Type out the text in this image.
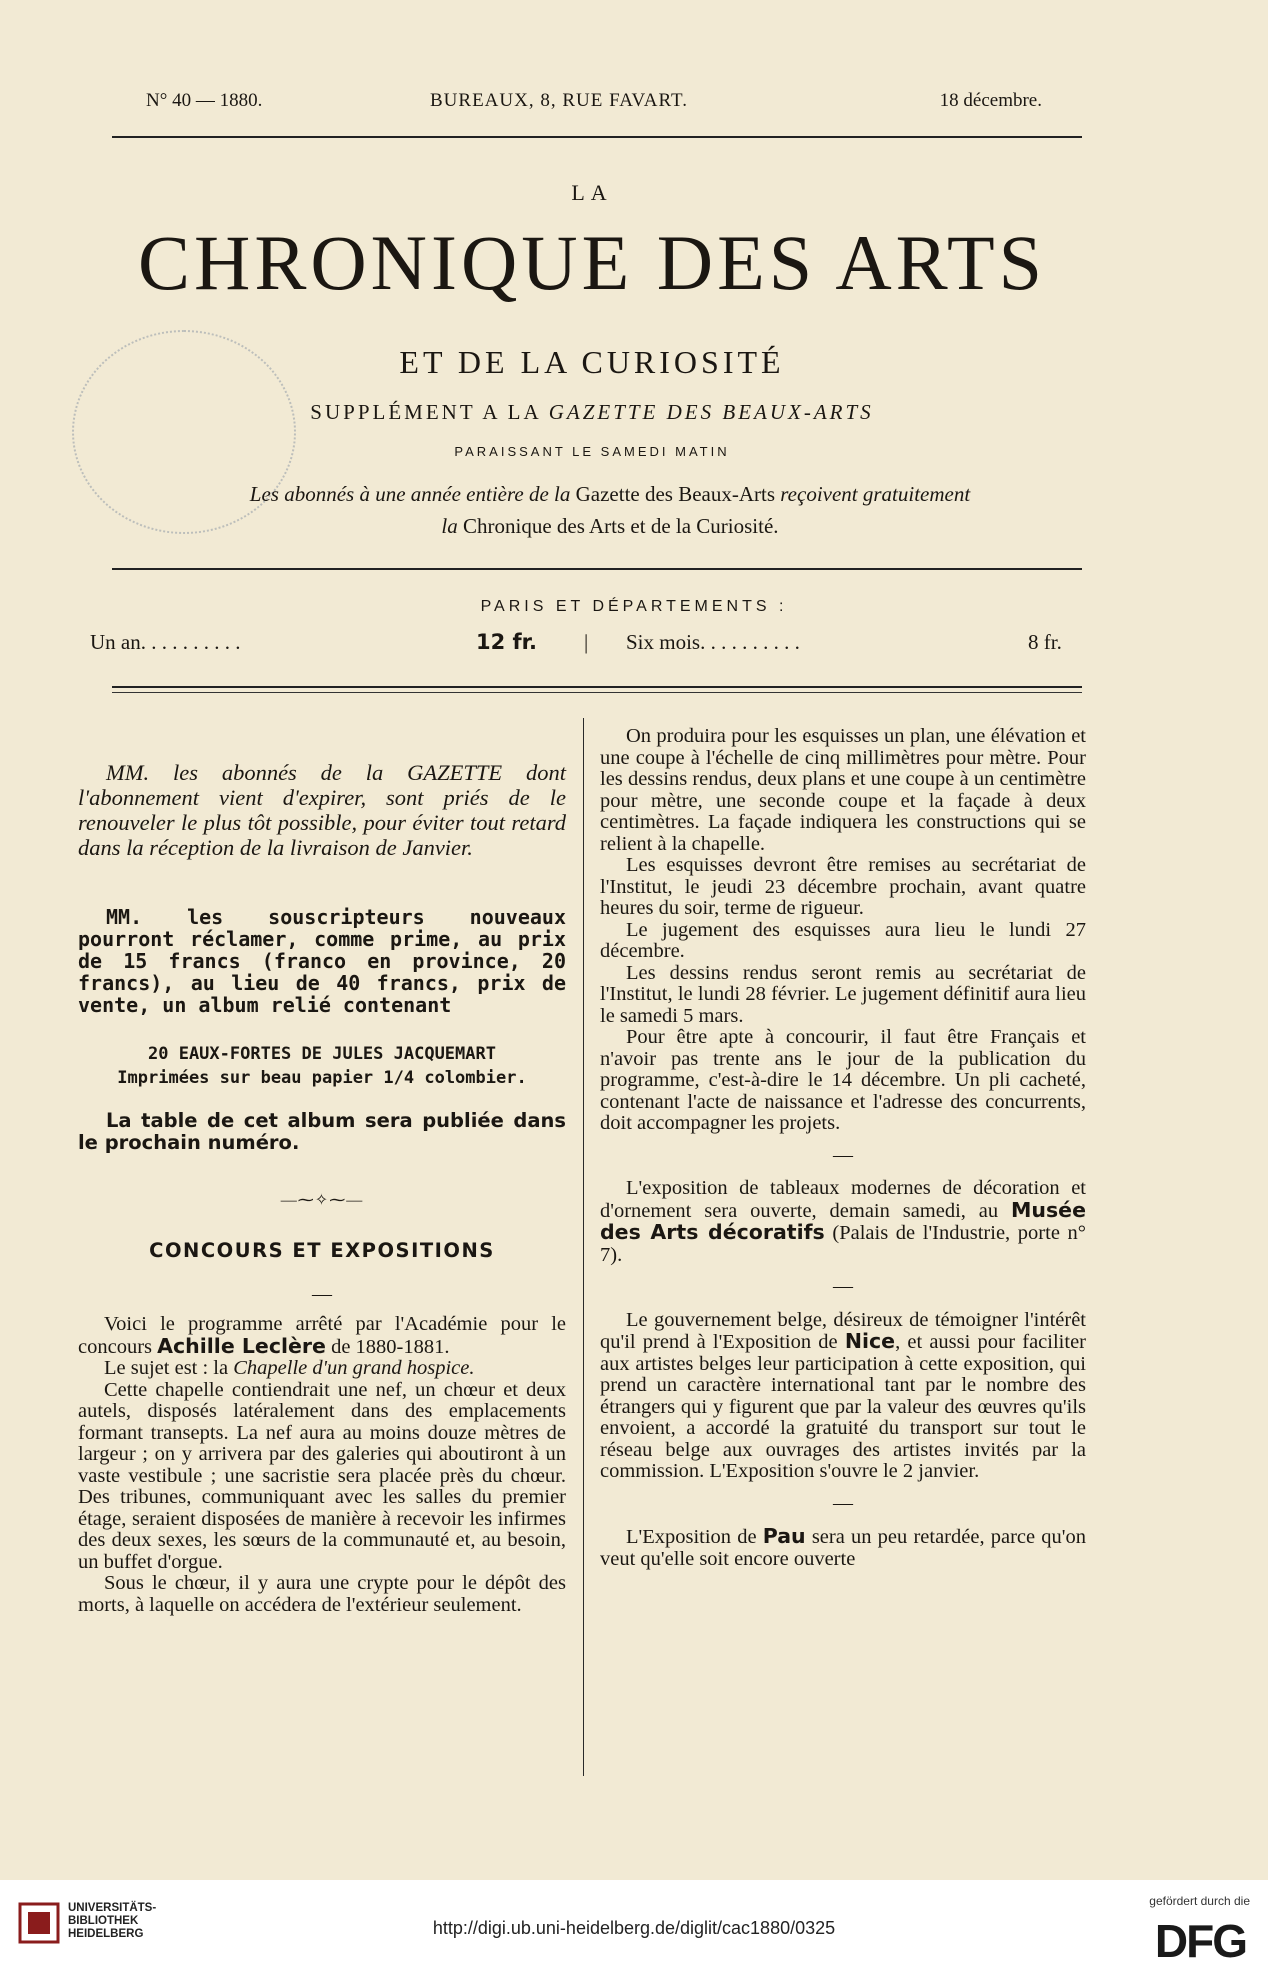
N° 40 — 1880.	BUREAUX, 8, RUE FAVART.	18 décembre.
LA
CHRONIQUE DES ARTS
ET DE LA CURIOSITÉ
SUPPLÉMENT A LA GAZETTE DES BEAUX-ARTS
PARAISSANT LE SAMEDI MATIN
Les abonnés à une année entière de la Gazette des Beaux-Arts reçoivent gratuitement
la Chronique des Arts et de la Curiosité.
PARIS ET DÉPARTEMENTS :
Un an. . . . . . . . . .	12 fr. | Six mois. . . . . . . . . .	8 fr.

MM. les abonnés de la GAZETTE dont l'abonnement vient d'expirer, sont priés de le renouveler le plus tôt possible, pour éviter tout retard dans la réception de la livraison de Janvier.

MM. les souscripteurs nouveaux pourront réclamer, comme prime, au prix de 15 francs (franco en province, 20 francs), au lieu de 40 francs, prix de vente, un album relié contenant

20 EAUX-FORTES DE JULES JACQUEMART
Imprimées sur beau papier 1/4 colombier.

La table de cet album sera publiée dans le prochain numéro.

—⁓✧⁓—
CONCOURS ET EXPOSITIONS
—

Voici le programme arrêté par l'Académie pour le concours Achille Leclère de 1880-1881.

Le sujet est : la Chapelle d'un grand hospice.

Cette chapelle contiendrait une nef, un chœur et deux autels, disposés latéralement dans des emplacements formant transepts. La nef aura au moins douze mètres de largeur ; on y arrivera par des galeries qui aboutiront à un vaste vestibule ; une sacristie sera placée près du chœur. Des tribunes, communiquant avec les salles du premier étage, seraient disposées de manière à recevoir les infirmes des deux sexes, les sœurs de la communauté et, au besoin, un buffet d'orgue.

Sous le chœur, il y aura une crypte pour le dépôt des morts, à laquelle on accédera de l'extérieur seulement.

On produira pour les esquisses un plan, une élévation et une coupe à l'échelle de cinq millimètres pour mètre. Pour les dessins rendus, deux plans et une coupe à un centimètre pour mètre, une seconde coupe et la façade à deux centimètres. La façade indiquera les constructions qui se relient à la chapelle.

Les esquisses devront être remises au secrétariat de l'Institut, le jeudi 23 décembre prochain, avant quatre heures du soir, terme de rigueur.

Le jugement des esquisses aura lieu le lundi 27 décembre.

Les dessins rendus seront remis au secrétariat de l'Institut, le lundi 28 février. Le jugement définitif aura lieu le samedi 5 mars.

Pour être apte à concourir, il faut être Français et n'avoir pas trente ans le jour de la publication du programme, c'est-à-dire le 14 décembre. Un pli cacheté, contenant l'acte de naissance et l'adresse des concurrents, doit accompagner les projets.

—

L'exposition de tableaux modernes de décoration et d'ornement sera ouverte, demain samedi, au Musée des Arts décoratifs (Palais de l'Industrie, porte n° 7).

—

Le gouvernement belge, désireux de témoigner l'intérêt qu'il prend à l'Exposition de Nice, et aussi pour faciliter aux artistes belges leur participation à cette exposition, qui prend un caractère international tant par le nombre des étrangers qui y figurent que par la valeur des œuvres qu'ils envoient, a accordé la gratuité du transport sur tout le réseau belge aux ouvrages des artistes invités par la commission. L'Exposition s'ouvre le 2 janvier.

—

L'Exposition de Pau sera un peu retardée, parce qu'on veut qu'elle soit encore ouverte

UNIVERSITÄTS-
BIBLIOTHEK
HEIDELBERG	http://digi.ub.uni-heidelberg.de/diglit/cac1880/0325
gefördert durch die
DFG
